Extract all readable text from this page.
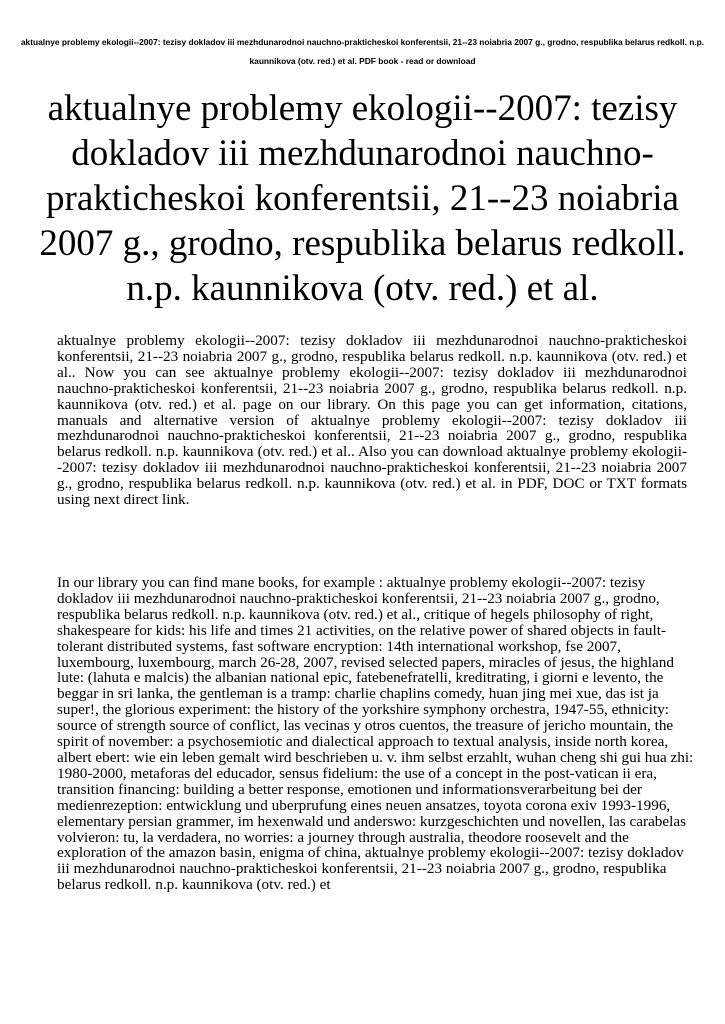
aktualnye problemy ekologii--2007: tezisy dokladov iii mezhdunarodnoi nauchno-prakticheskoi konferentsii, 21--23 noiabria 2007 g., grodno, respublika belarus redkoll. n.p. kaunnikova (otv. red.) et al. PDF book - read or download
aktualnye problemy ekologii--2007: tezisy dokladov iii mezhdunarodnoi nauchno-prakticheskoi konferentsii, 21--23 noiabria 2007 g., grodno, respublika belarus redkoll. n.p. kaunnikova (otv. red.) et al.

aktualnye problemy ekologii--2007: tezisy dokladov iii mezhdunarodnoi nauchno-prakticheskoi konferentsii, 21--23 noiabria 2007 g., grodno, respublika belarus redkoll. n.p. kaunnikova (otv. red.) et al.. Now you can see aktualnye problemy ekologii--2007: tezisy dokladov iii mezhdunarodnoi nauchno-prakticheskoi konferentsii, 21--23 noiabria 2007 g., grodno, respublika belarus redkoll. n.p. kaunnikova (otv. red.) et al. page on our library. On this page you can get information, citations, manuals and alternative version of aktualnye problemy ekologii--2007: tezisy dokladov iii mezhdunarodnoi nauchno-prakticheskoi konferentsii, 21--23 noiabria 2007 g., grodno, respublika belarus redkoll. n.p. kaunnikova (otv. red.) et al.. Also you can download aktualnye problemy ekologii--2007: tezisy dokladov iii mezhdunarodnoi nauchno-prakticheskoi konferentsii, 21--23 noiabria 2007 g., grodno, respublika belarus redkoll. n.p. kaunnikova (otv. red.) et al. in PDF, DOC or TXT formats using next direct link.

In our library you can find mane books, for example : aktualnye problemy ekologii--2007: tezisy dokladov iii mezhdunarodnoi nauchno-prakticheskoi konferentsii, 21--23 noiabria 2007 g., grodno, respublika belarus redkoll. n.p. kaunnikova (otv. red.) et al., critique of hegels philosophy of right, shakespeare for kids: his life and times 21 activities, on the relative power of shared objects in fault-tolerant distributed systems, fast software encryption: 14th international workshop, fse 2007, luxembourg, luxembourg, march 26-28, 2007, revised selected papers, miracles of jesus, the highland lute: (lahuta e malcis) the albanian national epic, fatebenefratelli, kreditrating, i giorni e levento, the beggar in sri lanka, the gentleman is a tramp: charlie chaplins comedy, huan jing mei xue, das ist ja super!, the glorious experiment: the history of the yorkshire symphony orchestra, 1947-55, ethnicity: source of strength source of conflict, las vecinas y otros cuentos, the treasure of jericho mountain, the spirit of november: a psychosemiotic and dialectical approach to textual analysis, inside north korea, albert ebert: wie ein leben gemalt wird beschrieben u. v. ihm selbst erzahlt, wuhan cheng shi gui hua zhi: 1980-2000, metaforas del educador, sensus fidelium: the use of a concept in the post-vatican ii era, transition financing: building a better response, emotionen und informationsverarbeitung bei der medienrezeption: entwicklung und uberprufung eines neuen ansatzes, toyota corona exiv 1993-1996, elementary persian grammer, im hexenwald und anderswo: kurzgeschichten und novellen, las carabelas volvieron: tu, la verdadera, no worries: a journey through australia, theodore roosevelt and the exploration of the amazon basin, enigma of china, aktualnye problemy ekologii--2007: tezisy dokladov iii mezhdunarodnoi nauchno-prakticheskoi konferentsii, 21--23 noiabria 2007 g., grodno, respublika belarus redkoll. n.p. kaunnikova (otv. red.) et
